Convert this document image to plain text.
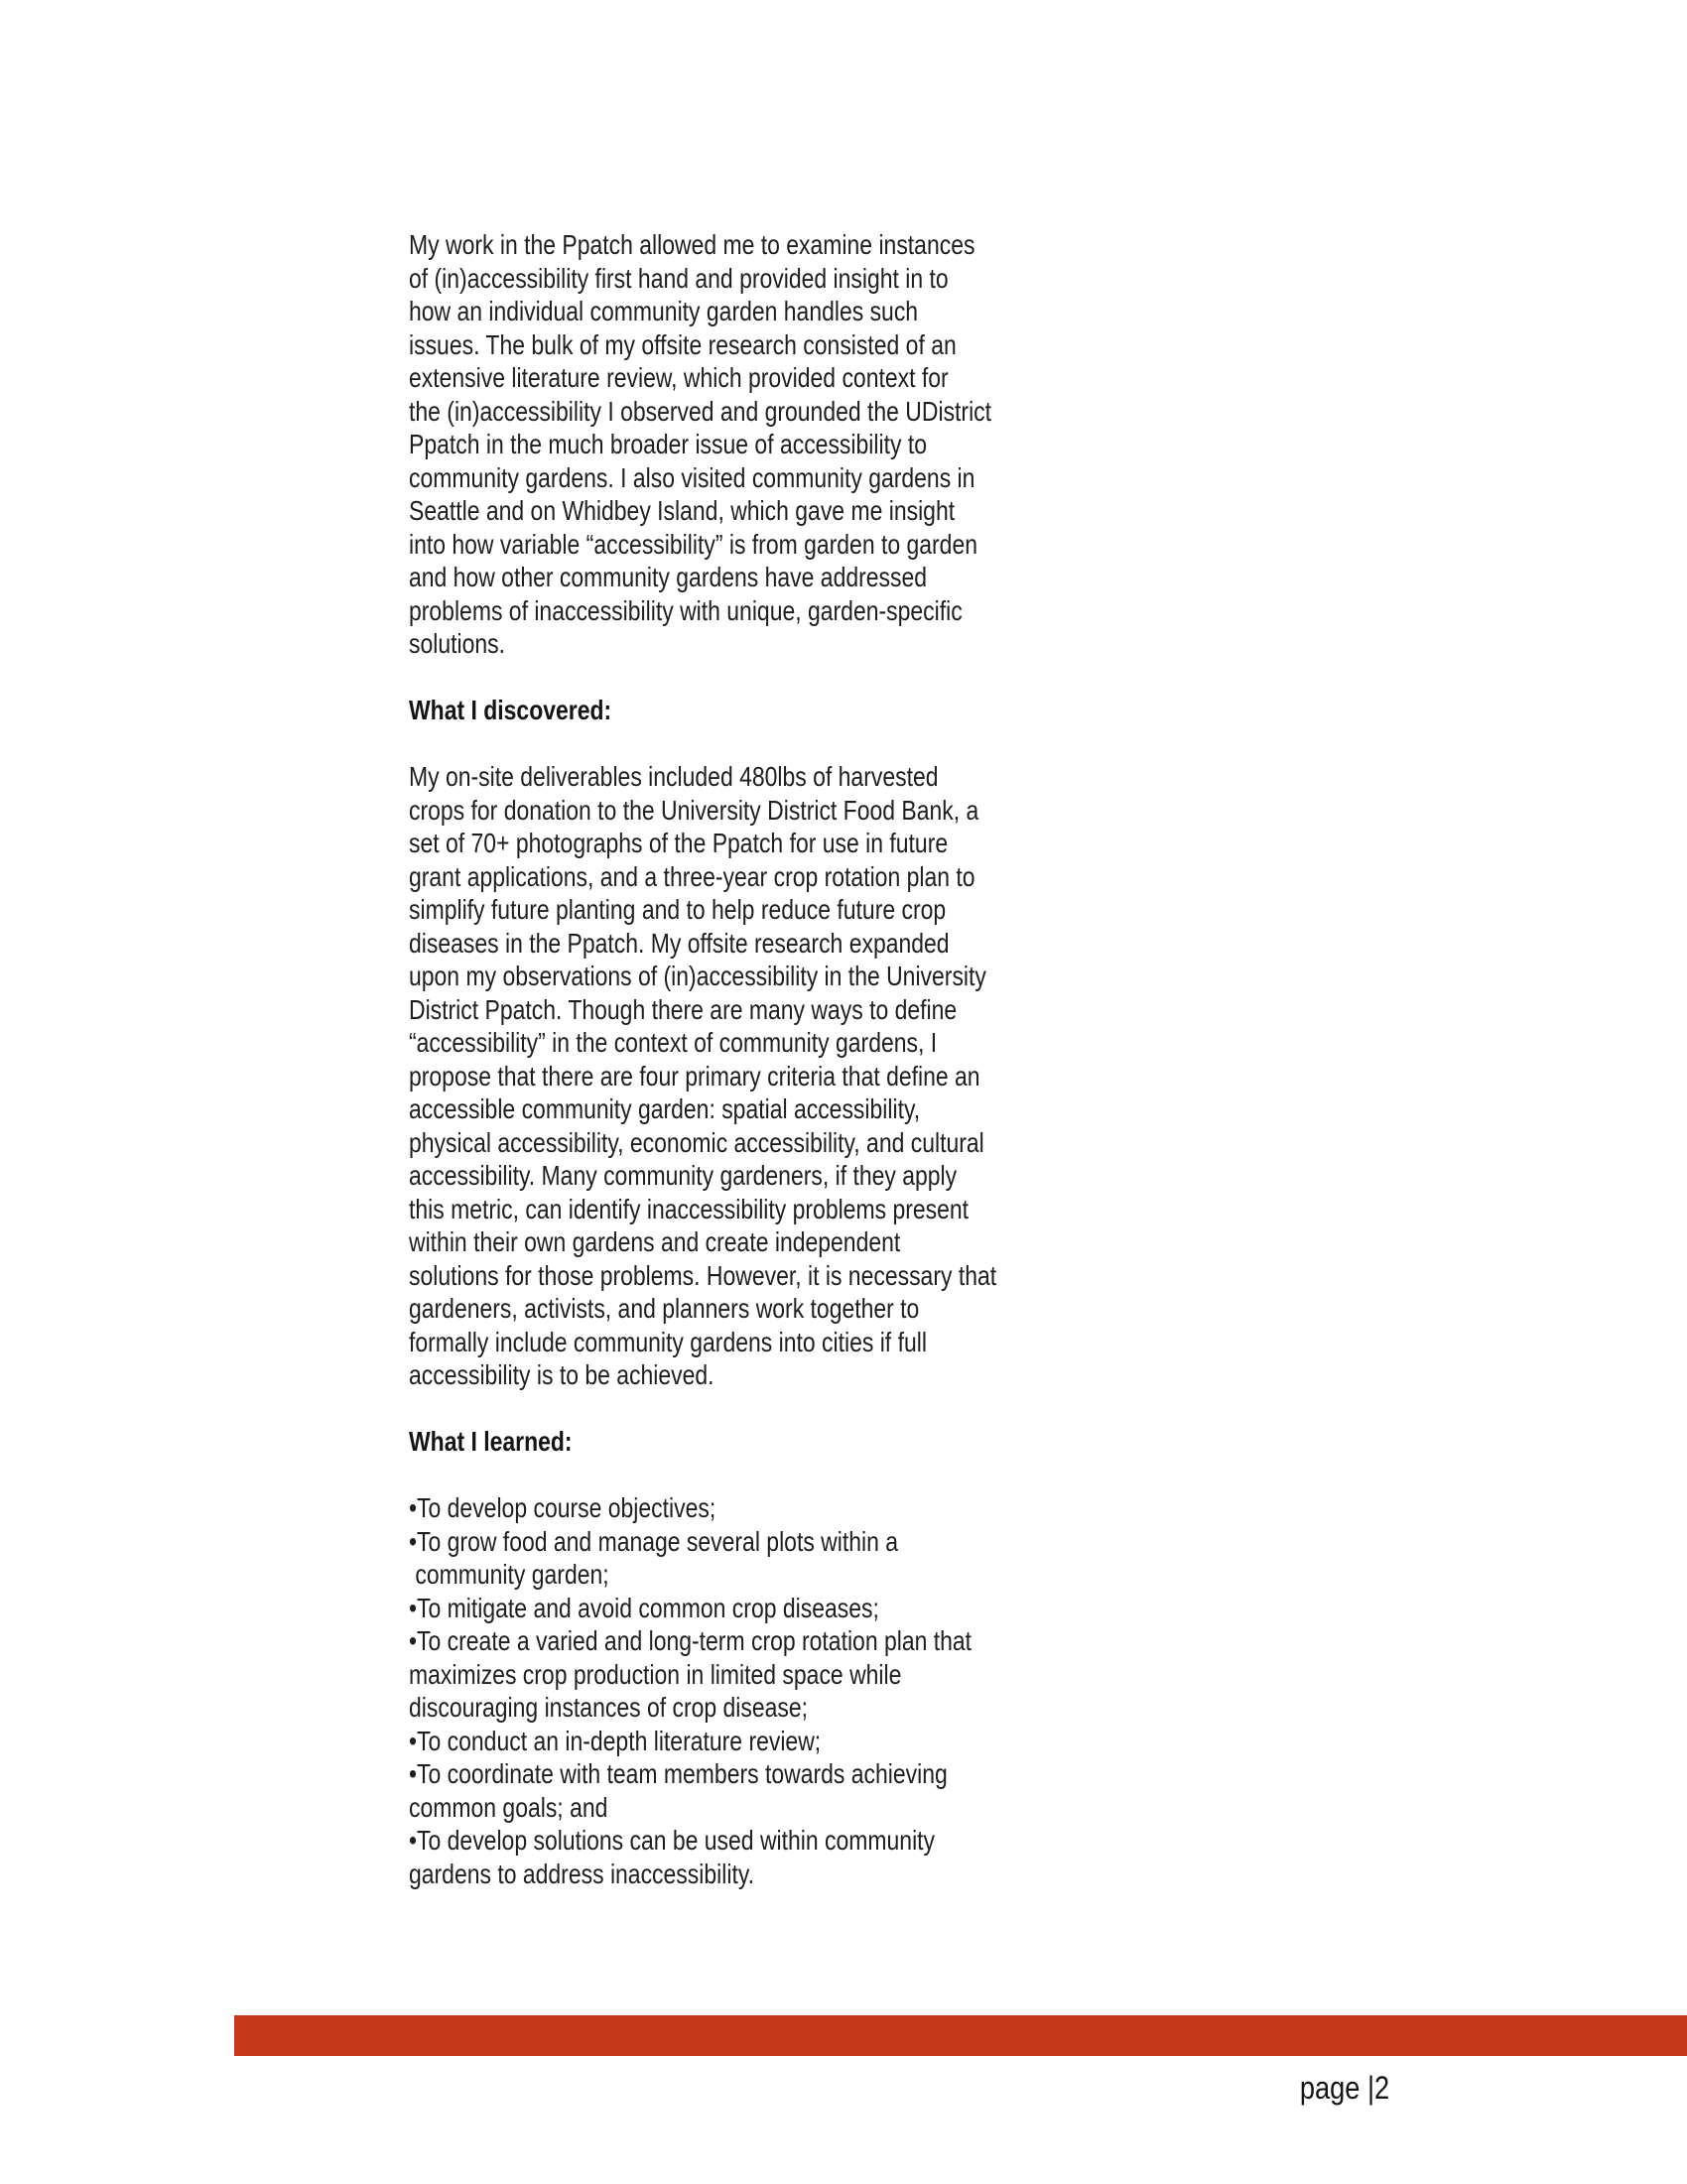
My work in the Ppatch allowed me to examine instances
of (in)accessibility first hand and provided insight in to
how an individual community garden handles such
issues. The bulk of my offsite research consisted of an
extensive literature review, which provided context for
the (in)accessibility I observed and grounded the UDistrict
Ppatch in the much broader issue of accessibility to
community gardens. I also visited community gardens in
Seattle and on Whidbey Island, which gave me insight
into how variable “accessibility” is from garden to garden
and how other community gardens have addressed
problems of inaccessibility with unique, garden-specific
solutions.
What I discovered:
My on-site deliverables included 480lbs of harvested
crops for donation to the University District Food Bank, a
set of 70+ photographs of the Ppatch for use in future
grant applications, and a three-year crop rotation plan to
simplify future planting and to help reduce future crop
diseases in the Ppatch. My offsite research expanded
upon my observations of (in)accessibility in the University
District Ppatch. Though there are many ways to define
“accessibility” in the context of community gardens, I
propose that there are four primary criteria that define an
accessible community garden: spatial accessibility,
physical accessibility, economic accessibility, and cultural
accessibility. Many community gardeners, if they apply
this metric, can identify inaccessibility problems present
within their own gardens and create independent
solutions for those problems. However, it is necessary that
gardeners, activists, and planners work together to
formally include community gardens into cities if full
accessibility is to be achieved.
What I learned:
•To develop course objectives;
•To grow food and manage several plots within a
community garden;
•To mitigate and avoid common crop diseases;
•To create a varied and long-term crop rotation plan that
maximizes crop production in limited space while
discouraging instances of crop disease;
•To conduct an in-depth literature review;
•To coordinate with team members towards achieving
common goals; and
•To develop solutions can be used within community
gardens to address inaccessibility.
page |2
